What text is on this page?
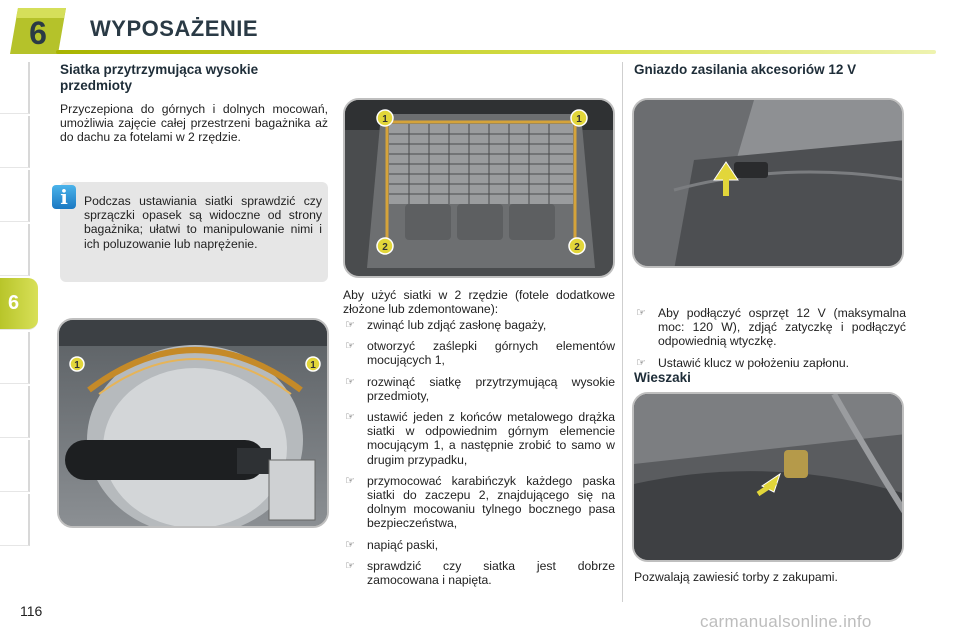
6 WYPOSAŻENIE
6
Siatka przytrzymująca wysokie przedmioty
Przyczepiona do górnych i dolnych mocowań, umożliwia zajęcie całej przestrzeni bagażnika aż do dachu za fotelami w 2 rzędzie.
i	Podczas ustawiania siatki sprawdzić czy sprzączki opasek są widoczne od strony bagażnika; ułatwi to manipulowanie nimi i ich poluzowanie lub naprężenie.
1	1
1	1
2	2
Aby użyć siatki w 2 rzędzie (fotele dodatkowe złożone lub zdemontowane):
☞ zwinąć lub zdjąć zasłonę bagaży,
☞ otworzyć zaślepki górnych elementów mocujących 1,
☞ rozwinąć siatkę przytrzymującą wysokie przedmioty,
☞ ustawić jeden z końców metalowego drążka siatki w odpowiednim górnym elemencie mocującym 1, a następnie zrobić to samo w drugim przypadku,
☞ przymocować karabińczyk każdego paska siatki do zaczepu 2, znajdującego się na dolnym mocowaniu tylnego bocznego pasa bezpieczeństwa,
☞ napiąć paski,
☞ sprawdzić czy siatka jest dobrze zamocowana i napięta.
Gniazdo zasilania akcesoriów 12 V
☞ Aby podłączyć osprzęt 12 V (maksymalna moc: 120 W), zdjąć zatyczkę i podłączyć odpowiednią wtyczkę.
☞ Ustawić klucz w położeniu zapłonu.
Wieszaki
Pozwalają zawiesić torby z zakupami.
116
carmanualsonline.info
